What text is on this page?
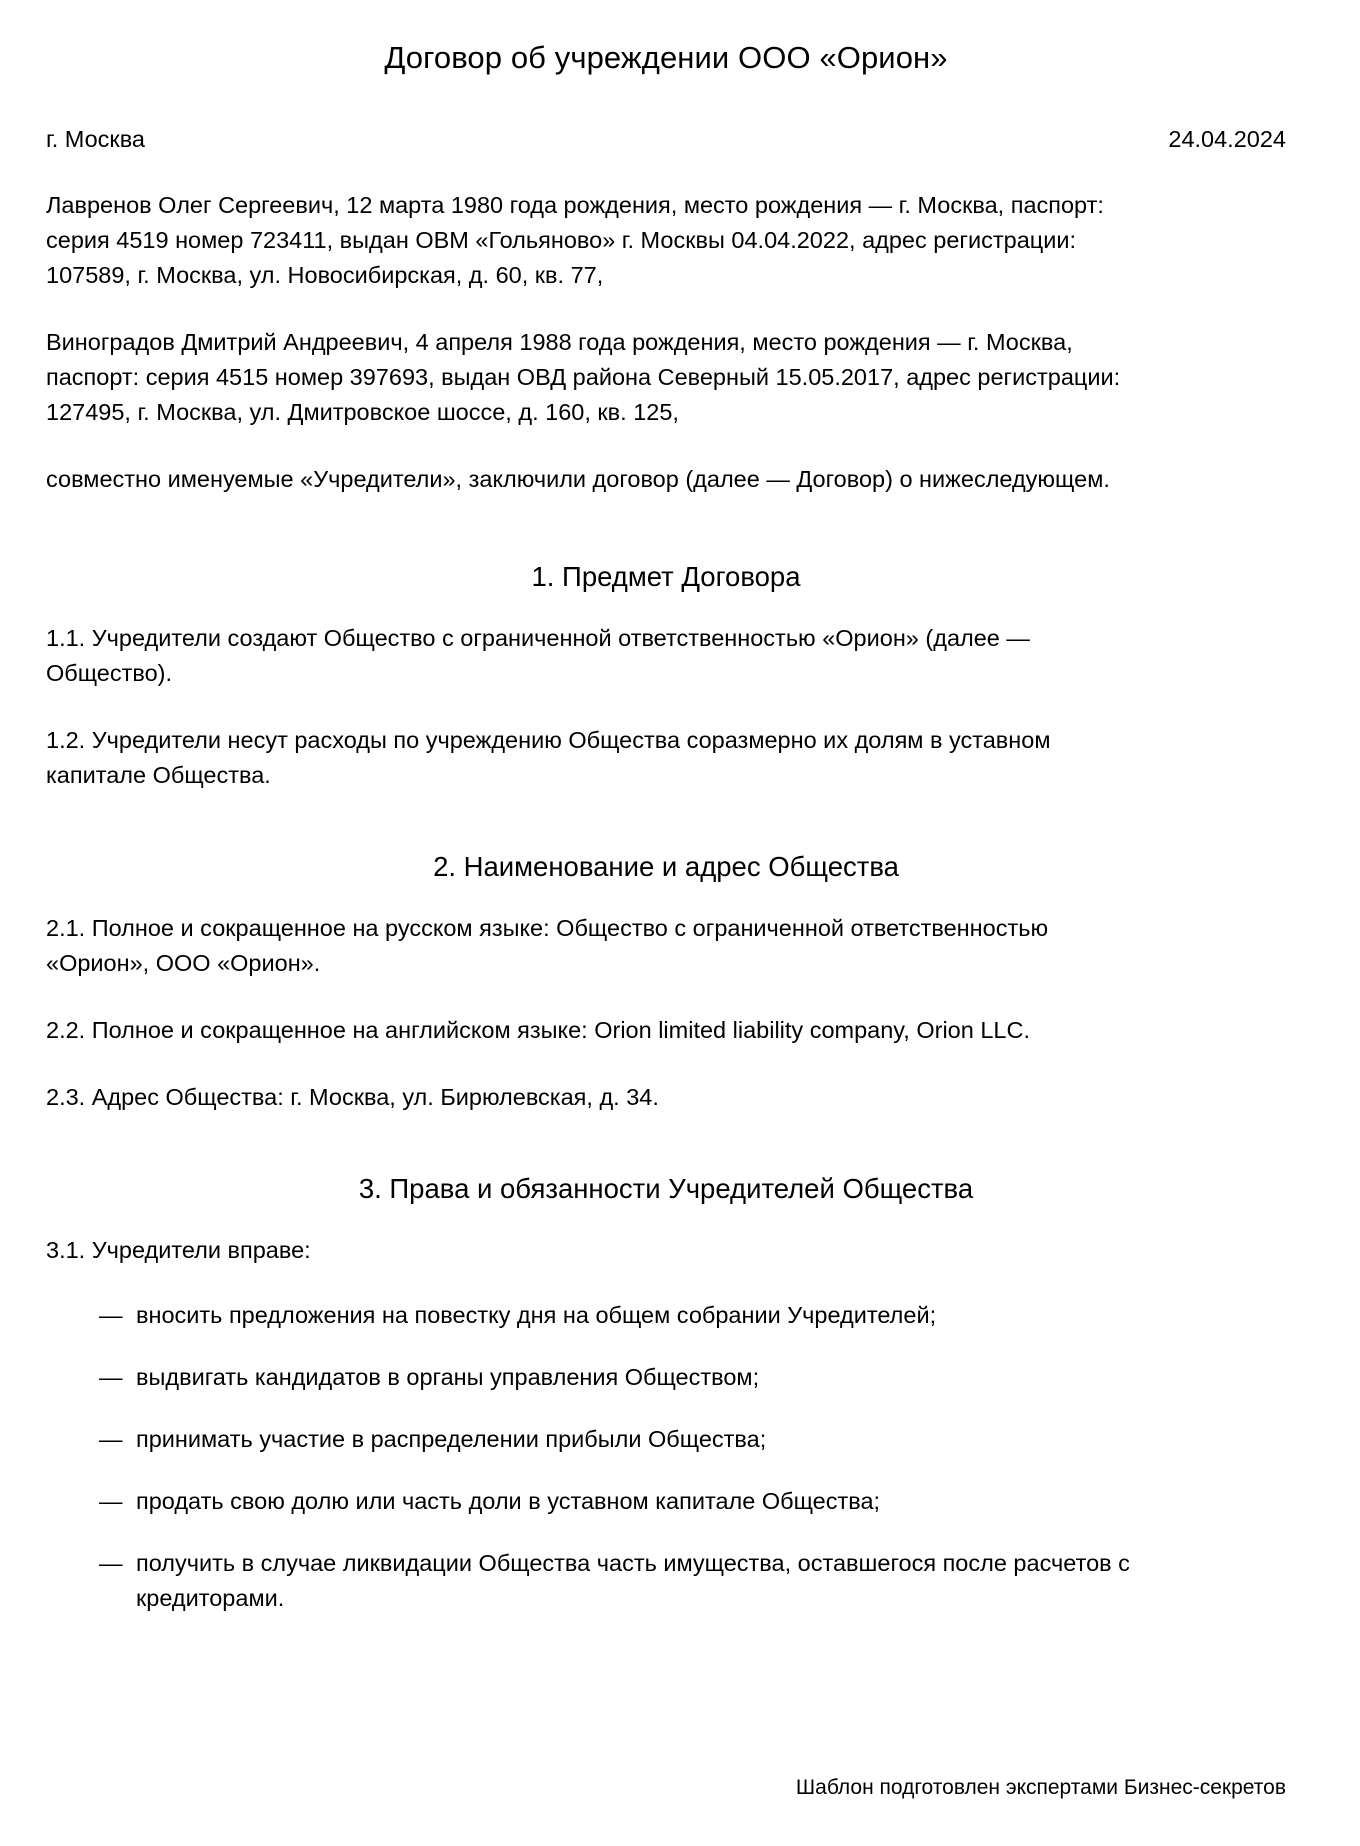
Договор об учреждении ООО «Орион»
г. Москва	24.04.2024

Лавренов Олег Сергеевич, 12 марта 1980 года рождения, место рождения — г. Москва, паспорт: серия 4519 номер 723411, выдан ОВМ «Гольяново» г. Москвы 04.04.2022, адрес регистрации: 107589, г. Москва, ул. Новосибирская, д. 60, кв. 77,

Виноградов Дмитрий Андреевич, 4 апреля 1988 года рождения, место рождения — г. Москва, паспорт: серия 4515 номер 397693, выдан ОВД района Северный 15.05.2017, адрес регистрации: 127495, г. Москва, ул. Дмитровское шоссе, д. 160, кв. 125,

совместно именуемые «Учредители», заключили договор (далее — Договор) о нижеследующем.

1. Предмет Договора

1.1. Учредители создают Общество с ограниченной ответственностью «Орион» (далее — Общество).

1.2. Учредители несут расходы по учреждению Общества соразмерно их долям в уставном капитале Общества.

2. Наименование и адрес Общества

2.1. Полное и сокращенное на русском языке: Общество с ограниченной ответственностью «Орион», ООО «Орион».

2.2. Полное и сокращенное на английском языке: Orion limited liability company, Orion LLC.

2.3. Адрес Общества: г. Москва, ул. Бирюлевская, д. 34.

3. Права и обязанности Учредителей Общества

3.1. Учредители вправе:

— вносить предложения на повестку дня на общем собрании Учредителей;
— выдвигать кандидатов в органы управления Обществом;
— принимать участие в распределении прибыли Общества;
— продать свою долю или часть доли в уставном капитале Общества;
— получить в случае ликвидации Общества часть имущества, оставшегося после расчетов с кредиторами.
Шаблон подготовлен экспертами Бизнес-секретов
